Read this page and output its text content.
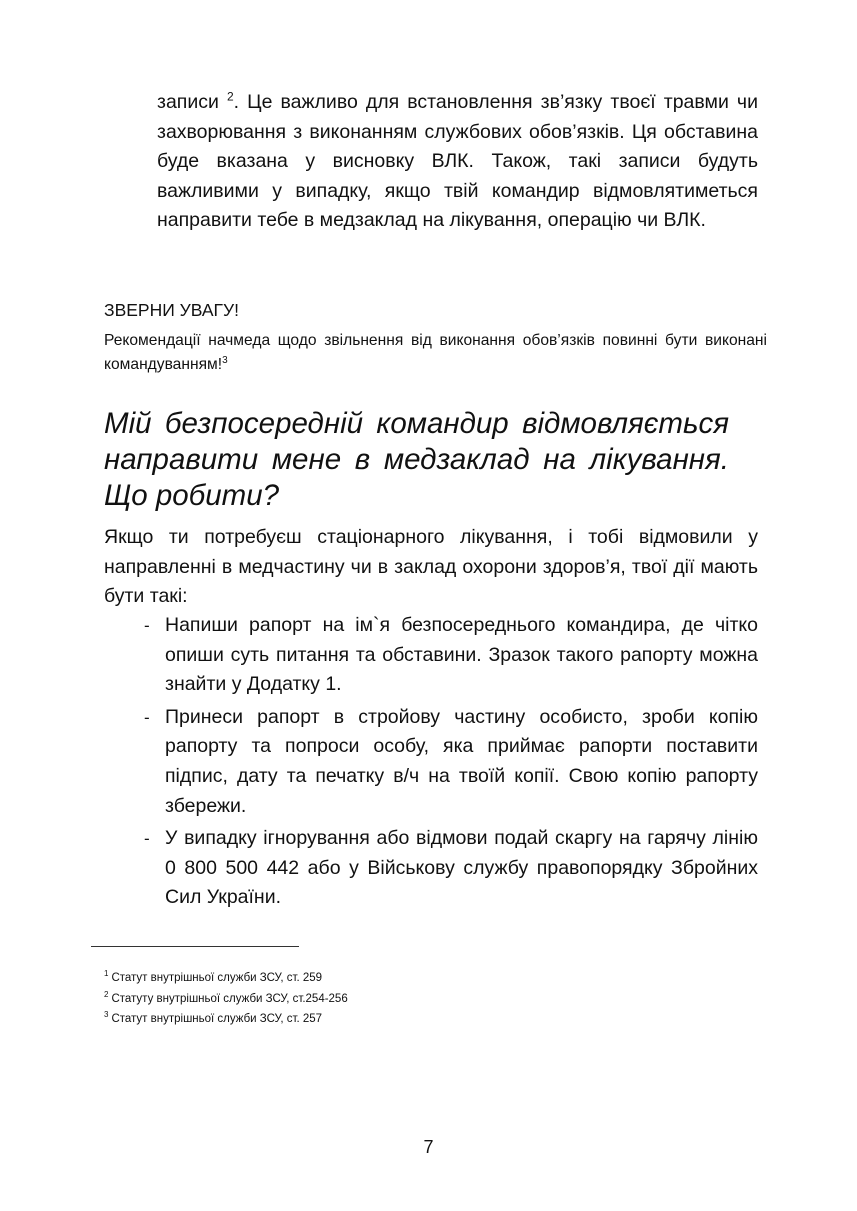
записи $^2$. Це важливо для встановлення зв’язку твоєї травми чи захворювання з виконанням службових обов’язків. Ця обставина буде вказана у висновку ВЛК. Також, такі записи будуть важливими у випадку, якщо твій командир відмовлятиметься направити тебе в медзаклад на лікування, операцію чи ВЛК.

ЗВЕРНИ УВАГУ!

Рекомендації начмеда щодо звільнення від виконання обов’язків повинні бути виконані командуванням!$^3$

Мій безпосередній командир відмовляється направити мене в медзаклад на лікування. Що робити?

Якщо ти потребуєш стаціонарного лікування, і тобі відмовили у направленні в медчастину чи в заклад охорони здоров’я, твої дії мають бути такі:

- Напиши рапорт на ім`я безпосереднього командира, де чітко опиши суть питання та обставини. Зразок такого рапорту можна знайти у Додатку 1.
- Принеси рапорт в стройову частину особисто, зроби копію рапорту та попроси особу, яка приймає рапорти поставити підпис, дату та печатку в/ч на твоїй копії. Свою копію рапорту збережи.
- У випадку ігнорування або відмови подай скаргу на гарячу лінію 0 800 500 442 або у Військову службу правопорядку Збройних Сил України.
$^1$ Статут внутрішньої служби ЗСУ, ст. 259
$^2$ Статуту внутрішньої служби ЗСУ, ст.254-256
$^3$ Статут внутрішньої служби ЗСУ, ст. 257
7
